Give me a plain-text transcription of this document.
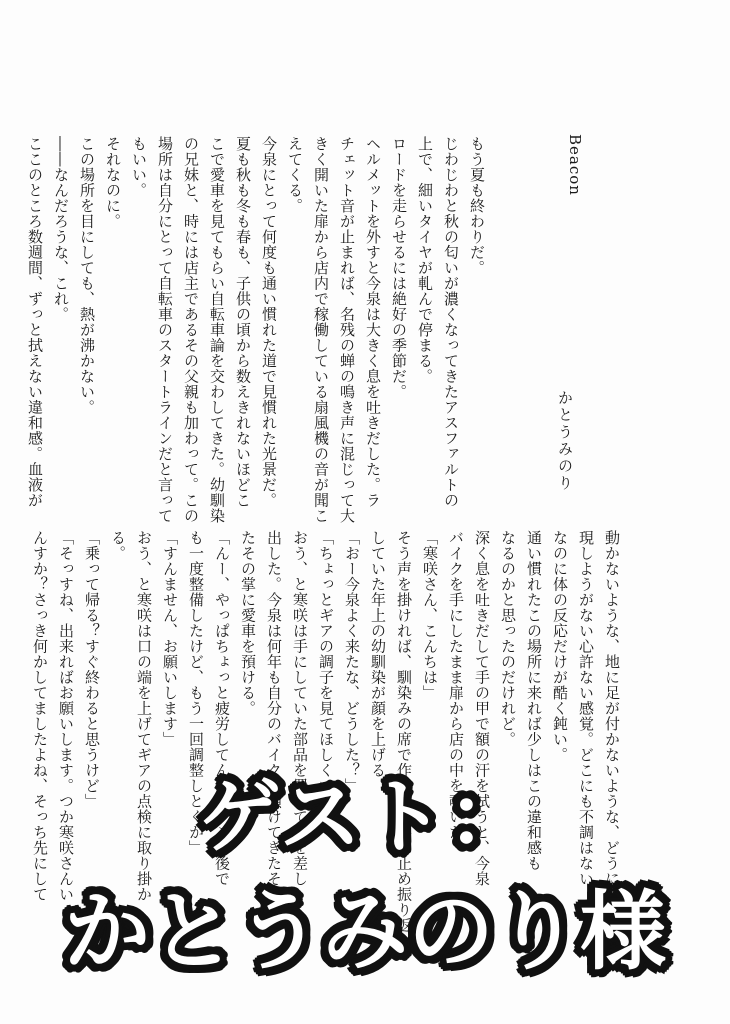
Beacon
かとうみのり

もう夏も終わりだ。

じわじわと秋の匂いが濃くなってきたアスファルトの

上で、細いタイヤが軋んで停まる。

ロードを走らせるには絶好の季節だ。

ヘルメットを外すと今泉は大きく息を吐きだした。ラ

チェット音が止まれば、名残の蝉の鳴き声に混じって大

きく開いた扉から店内で稼働している扇風機の音が聞こ

えてくる。

今泉にとって何度も通い慣れた道で見慣れた光景だ。

夏も秋も冬も春も、子供の頃から数えきれないほどこ

こで愛車を見てもらい自転車論を交わしてきた。幼馴染

の兄妹と、時には店主であるその父親も加わって。この

場所は自分にとって自転車のスタートラインだと言って

もいい。

それなのに。

この場所を目にしても、熱が沸かない。

――なんだろうな、これ。

ここのところ数週間、ずっと拭えない違和感。血液が

動かないような、地に足が付かないような、どうに

現しようがない心許ない感覚。どこにも不調はない

なのに体の反応だけが酷く鈍い。

通い慣れたこの場所に来れば少しはこの違和感も

なるのかと思ったのだけれど。

深く息を吐きだして手の甲で額の汗を拭うと、今泉

バイクを手にしたまま扉から店の中を覗いた。

「寒咲さん、こんちは」

そう声を掛ければ、馴染みの席で作業中の手を止め振り返

していた年上の幼馴染が顔を上げる。

「おー今泉よく来たな、どうした？」

「ちょっとギアの調子を見てほしくて」

おう、と寒咲は手にしていた部品を置いて手を差し

出した。今泉は何年も自分のバイクを預けてきたそ

たその掌に愛車を預ける。

「んー、やっぱちょっと疲労してんなー。この後で

も一度整備したけど、もう一回調整しとくか」

「すんません、お願いします」

おう、と寒咲は口の端を上げてギアの点検に取り掛か

る。

「乗って帰る？すぐ終わると思うけど」

「そっすね、出来ればお願いします。つか寒咲さんい

んすか？さっき何かしてましたよね、そっち先にして	ゲスト：
かとうみのり様
